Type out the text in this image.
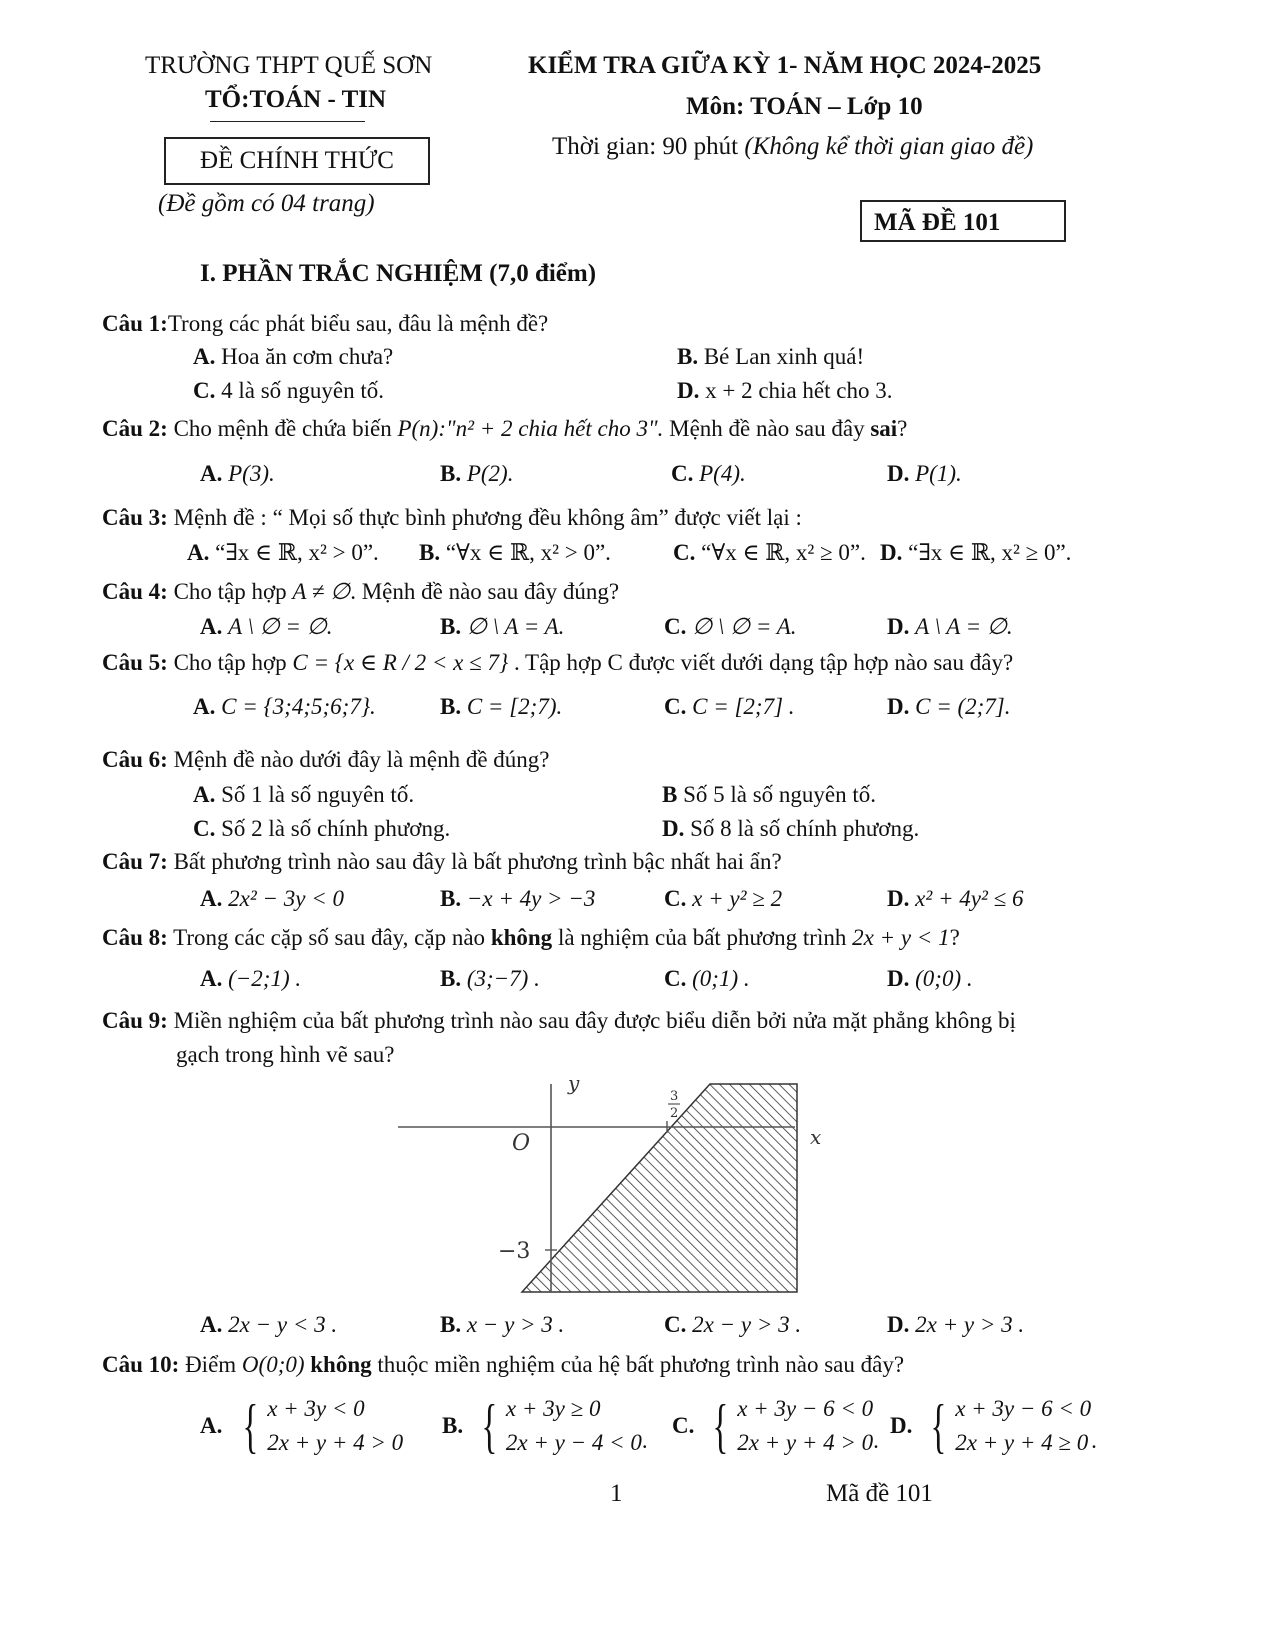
TRƯỜNG THPT QUẾ SƠN
TỔ:TOÁN - TIN
ĐỀ CHÍNH THỨC
(Đề gồm có 04 trang)
KIỂM TRA GIỮA KỲ 1- NĂM HỌC 2024-2025
Môn: TOÁN – Lớp 10
Thời gian: 90 phút (Không kể thời gian giao đề)
MÃ ĐỀ 101
I. PHẦN TRẮC NGHIỆM (7,0 điểm)
Câu 1:Trong các phát biểu sau, đâu là mệnh đề?
A. Hoa ăn cơm chưa?	B. Bé Lan xinh quá!
C. 4 là số nguyên tố.	D. x + 2 chia hết cho 3.
Câu 2: Cho mệnh đề chứa biến P(n):"n² + 2 chia hết cho 3". Mệnh đề nào sau đây sai?
A. P(3).	B. P(2).	C. P(4).	D. P(1).
Câu 3: Mệnh đề : “ Mọi số thực bình phương đều không âm” được viết lại :
A. “∃x ∈ ℝ, x² > 0”. B. “∀x ∈ ℝ, x² > 0”.	C. “∀x ∈ ℝ, x² ≥ 0”. D. “∃x ∈ ℝ, x² ≥ 0”.
Câu 4: Cho tập hợp A ≠ ∅. Mệnh đề nào sau đây đúng?
A. A \ ∅ = ∅.	B. ∅ \ A = A.	C. ∅ \ ∅ = A.	D. A \ A = ∅.
Câu 5: Cho tập hợp C = {x ∈ R / 2 < x ≤ 7} . Tập hợp C được viết dưới dạng tập hợp nào sau đây?
A. C = {3;4;5;6;7}.	B. C = [2;7).	C. C = [2;7] .	D. C = (2;7].
Câu 6: Mệnh đề nào dưới đây là mệnh đề đúng?
A. Số 1 là số nguyên tố.	B Số 5 là số nguyên tố.
C. Số 2 là số chính phương.	D. Số 8 là số chính phương.
Câu 7: Bất phương trình nào sau đây là bất phương trình bậc nhất hai ẩn?
A. 2x² − 3y < 0	B. −x + 4y > −3	C. x + y² ≥ 2	D. x² + 4y² ≤ 6
Câu 8: Trong các cặp số sau đây, cặp nào không là nghiệm của bất phương trình 2x + y < 1?
A. (−2;1) .	B. (3;−7) .	C. (0;1) .	D. (0;0) .
Câu 9: Miền nghiệm của bất phương trình nào sau đây được biểu diễn bởi nửa mặt phẳng không bị
gạch trong hình vẽ sau?
y
x
O
3
2
−3
A. 2x − y < 3 .	B. x − y > 3 .	C. 2x − y > 3 .	D. 2x + y > 3 .
Câu 10: Điểm O(0;0) không thuộc miền nghiệm của hệ bất phương trình nào sau đây?
A. { x + 3y < 0
2x + y + 4 > 0
B. { x + 3y ≥ 0
2x + y − 4 < 0 .
C. { x + 3y − 6 < 0
2x + y + 4 > 0 .
D. { x + 3y − 6 < 0
2x + y + 4 ≥ 0 .
1	Mã đề 101
